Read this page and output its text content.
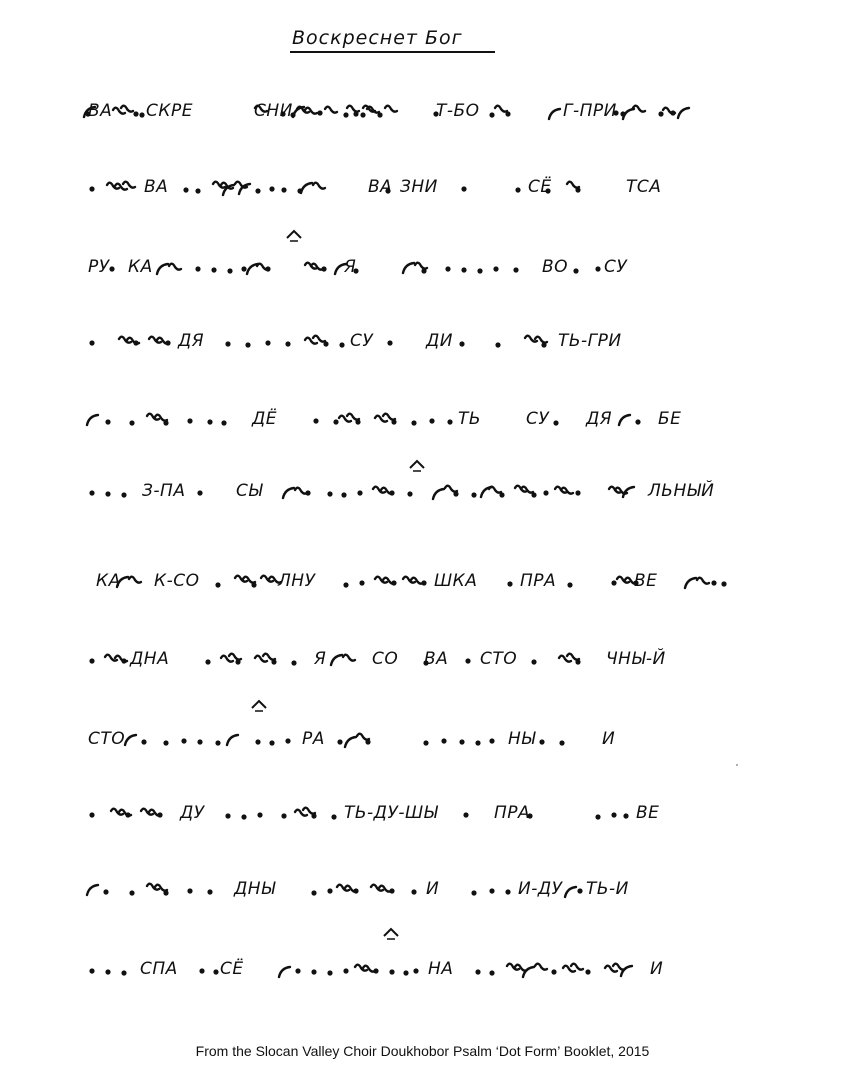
Воскреснет Бог
ВА СКРЕ	СНИ	Т-БО	Г-ПРИ
ВА	ВА ЗНИ	СЁ	ТСА
РУ КА	Я	ВО СУ
ДЯ	СУ	ДИ	ТЬ-ГРИ
ДЁ	ТЬ	СУ ДЯ	БЕ
З-ПА	СЫ	ЛЬНЫЙ
КА К-СО	ЛНУ	ШКА	ПРА	ВЕ
ДНА	Я	СО ВА СТО	ЧНЫ-Й
СТО	РА	НЫ	И
ДУ	ТЬ-ДУ-ШЫ	ПРА	ВЕ
ДНЫ	И	И-ДУ ТЬ-И
СПА СЁ	НА	И
From the Slocan Valley Choir Doukhobor Psalm ‘Dot Form’ Booklet, 2015
